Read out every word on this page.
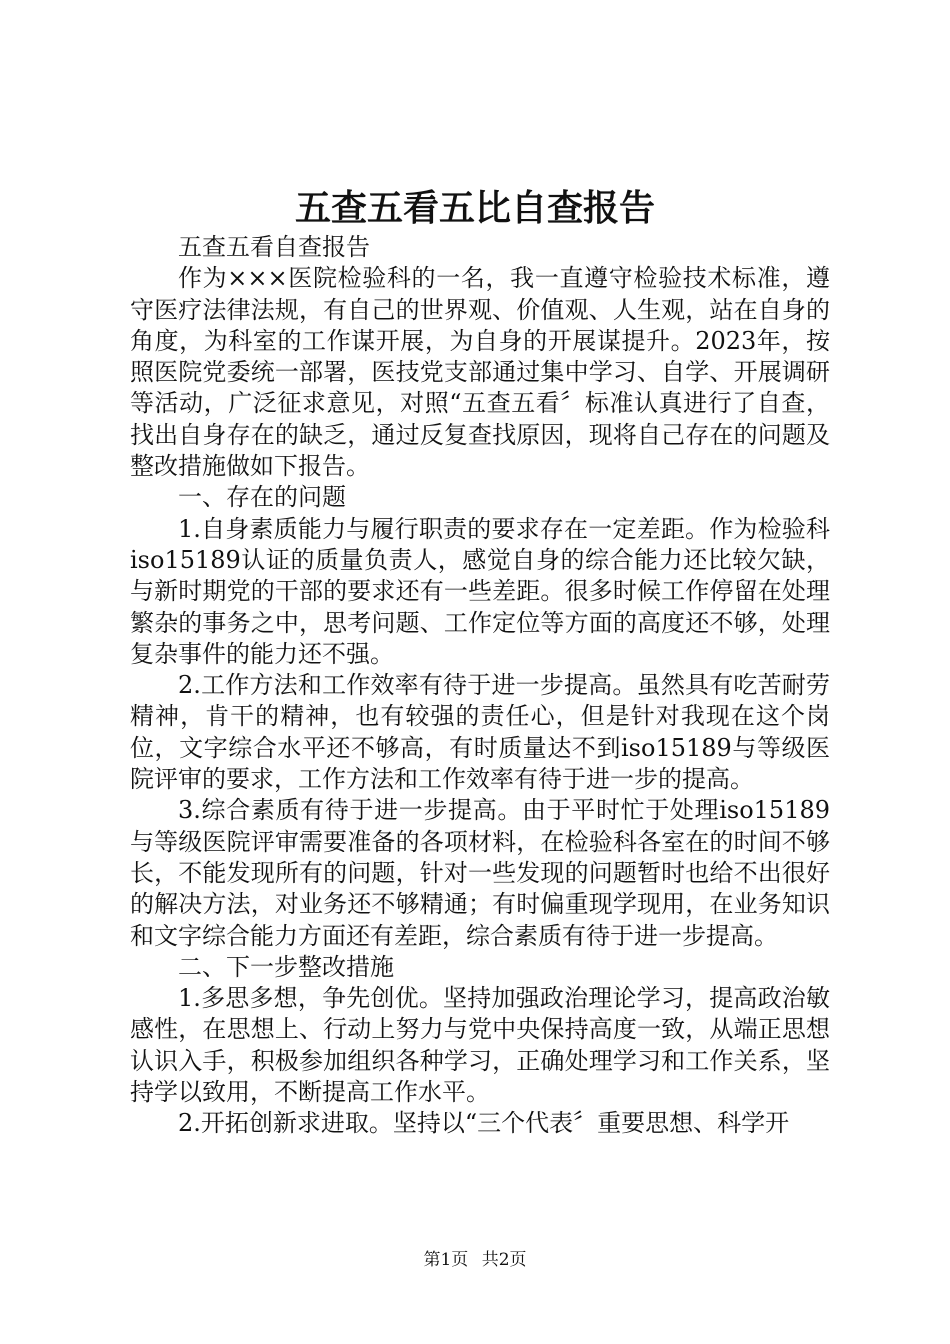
五查五看五比自查报告

五查五看自查报告

作为×××医院检验科的一名，我一直遵守检验技术标准，遵守医疗法律法规，有自己的世界观、价值观、人生观，站在自身的角度，为科室的工作谋开展，为自身的开展谋提升。2023年，按照医院党委统一部署，医技党支部通过集中学习、自学、开展调研等活动，广泛征求意见，对照“五查五看〞标准认真进行了自查，找出自身存在的缺乏，通过反复查找原因，现将自己存在的问题及整改措施做如下报告。

一、存在的问题

1.自身素质能力与履行职责的要求存在一定差距。作为检验科iso15189认证的质量负责人，感觉自身的综合能力还比较欠缺，与新时期党的干部的要求还有一些差距。很多时候工作停留在处理繁杂的事务之中，思考问题、工作定位等方面的高度还不够，处理复杂事件的能力还不强。

2.工作方法和工作效率有待于进一步提高。虽然具有吃苦耐劳精神，肯干的精神，也有较强的责任心，但是针对我现在这个岗位，文字综合水平还不够高，有时质量达不到iso15189与等级医院评审的要求，工作方法和工作效率有待于进一步的提高。

3.综合素质有待于进一步提高。由于平时忙于处理iso15189与等级医院评审需要准备的各项材料，在检验科各室在的时间不够长，不能发现所有的问题，针对一些发现的问题暂时也给不出很好的解决方法，对业务还不够精通；有时偏重现学现用，在业务知识和文字综合能力方面还有差距，综合素质有待于进一步提高。

二、下一步整改措施

1.多思多想，争先创优。坚持加强政治理论学习，提高政治敏感性，在思想上、行动上努力与党中央保持高度一致，从端正思想认识入手，积极参加组织各种学习，正确处理学习和工作关系，坚持学以致用，不断提高工作水平。

2.开拓创新求进取。坚持以“三个代表〞重要思想、科学开

第1页 共2页
